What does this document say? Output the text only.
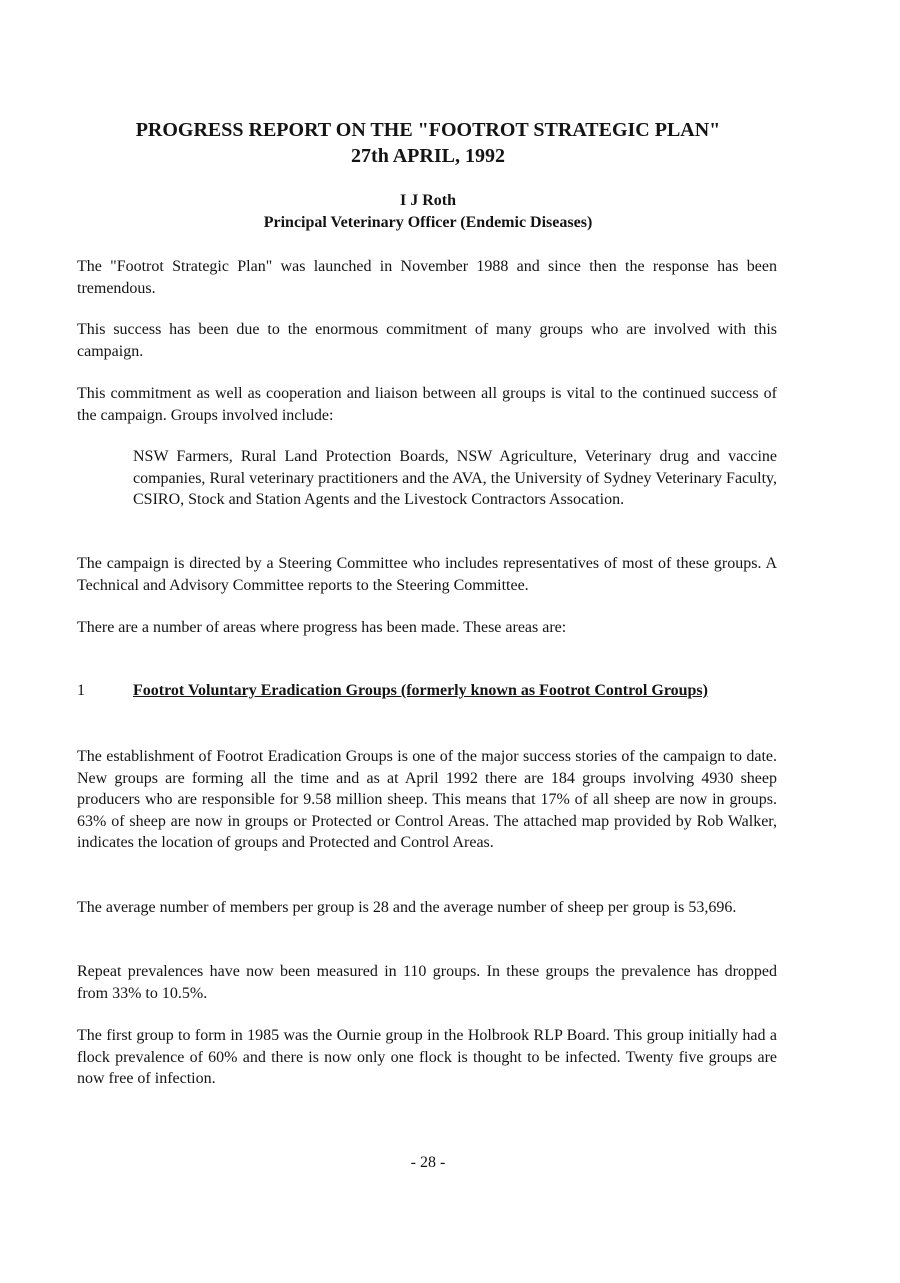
PROGRESS REPORT ON THE "FOOTROT STRATEGIC PLAN"
27th APRIL, 1992
I J Roth
Principal Veterinary Officer (Endemic Diseases)

The "Footrot Strategic Plan" was launched in November 1988 and since then the response has been tremendous.

This success has been due to the enormous commitment of many groups who are involved with this campaign.

This commitment as well as cooperation and liaison between all groups is vital to the continued success of the campaign. Groups involved include:

NSW Farmers, Rural Land Protection Boards, NSW Agriculture, Veterinary drug and vaccine companies, Rural veterinary practitioners and the AVA, the University of Sydney Veterinary Faculty, CSIRO, Stock and Station Agents and the Livestock Contractors Assocation.

The campaign is directed by a Steering Committee who includes representatives of most of these groups. A Technical and Advisory Committee reports to the Steering Committee.

There are a number of areas where progress has been made. These areas are:

1	Footrot Voluntary Eradication Groups (formerly known as Footrot Control Groups)

The establishment of Footrot Eradication Groups is one of the major success stories of the campaign to date. New groups are forming all the time and as at April 1992 there are 184 groups involving 4930 sheep producers who are responsible for 9.58 million sheep. This means that 17% of all sheep are now in groups. 63% of sheep are now in groups or Protected or Control Areas. The attached map provided by Rob Walker, indicates the location of groups and Protected and Control Areas.

The average number of members per group is 28 and the average number of sheep per group is 53,696.

Repeat prevalences have now been measured in 110 groups. In these groups the prevalence has dropped from 33% to 10.5%.

The first group to form in 1985 was the Ournie group in the Holbrook RLP Board. This group initially had a flock prevalence of 60% and there is now only one flock is thought to be infected. Twenty five groups are now free of infection.

- 28 -
